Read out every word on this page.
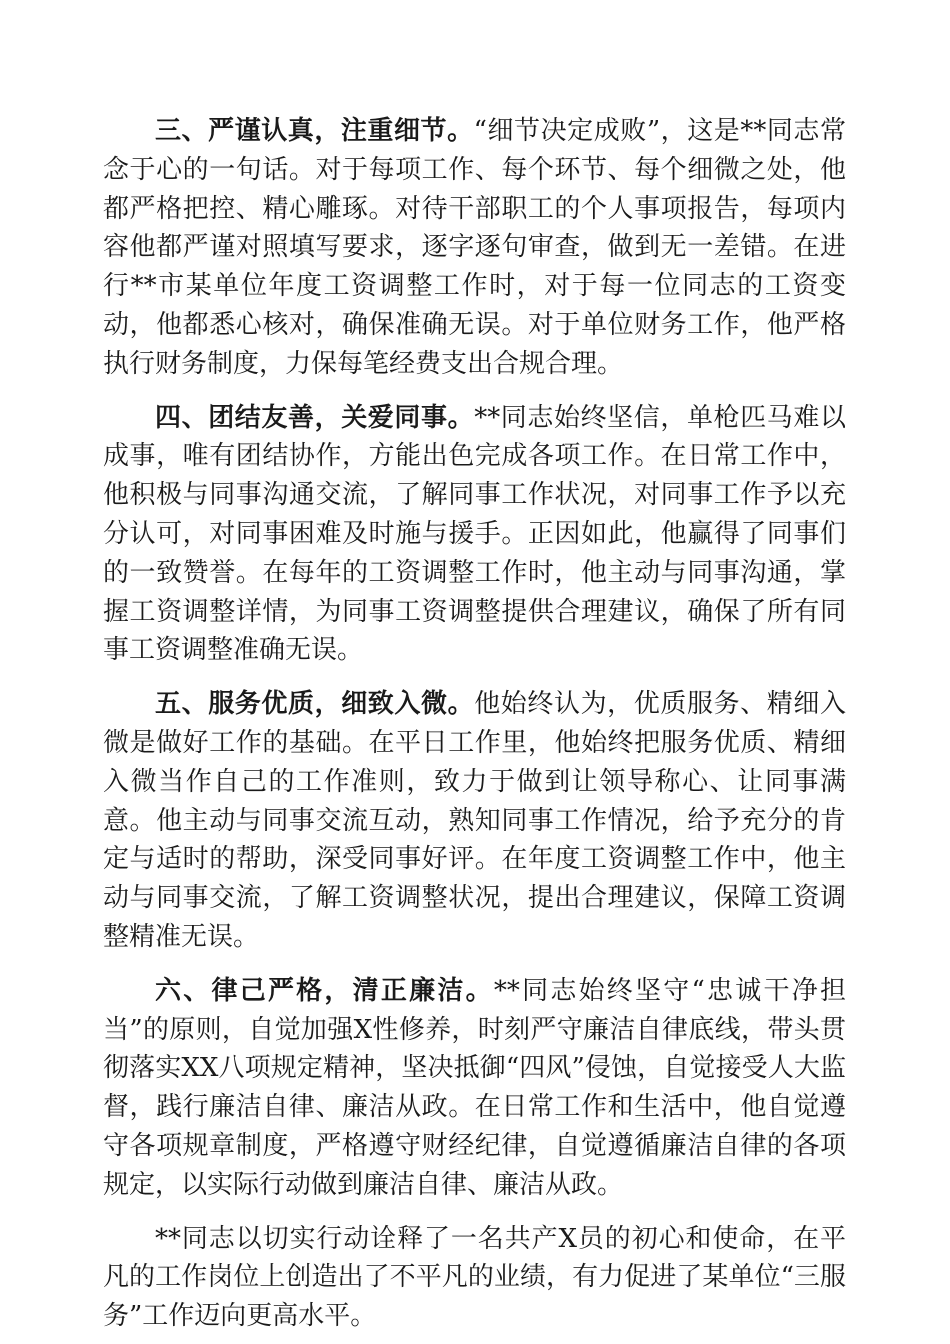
三、严谨认真，注重细节。“细节决定成败”，这是**同志常念于心的一句话。对于每项工作、每个环节、每个细微之处，他都严格把控、精心雕琢。对待干部职工的个人事项报告，每项内容他都严谨对照填写要求，逐字逐句审查，做到无一差错。在进行**市某单位年度工资调整工作时，对于每一位同志的工资变动，他都悉心核对，确保准确无误。对于单位财务工作，他严格执行财务制度，力保每笔经费支出合规合理。

四、团结友善，关爱同事。**同志始终坚信，单枪匹马难以成事，唯有团结协作，方能出色完成各项工作。在日常工作中，他积极与同事沟通交流，了解同事工作状况，对同事工作予以充分认可，对同事困难及时施与援手。正因如此，他赢得了同事们的一致赞誉。在每年的工资调整工作时，他主动与同事沟通，掌握工资调整详情，为同事工资调整提供合理建议，确保了所有同事工资调整准确无误。

五、服务优质，细致入微。他始终认为，优质服务、精细入微是做好工作的基础。在平日工作里，他始终把服务优质、精细入微当作自己的工作准则，致力于做到让领导称心、让同事满意。他主动与同事交流互动，熟知同事工作情况，给予充分的肯定与适时的帮助，深受同事好评。在年度工资调整工作中，他主动与同事交流，了解工资调整状况，提出合理建议，保障工资调整精准无误。

六、律己严格，清正廉洁。**同志始终坚守“忠诚干净担当”的原则，自觉加强X性修养，时刻严守廉洁自律底线，带头贯彻落实XX八项规定精神，坚决抵御“四风”侵蚀，自觉接受人大监督，践行廉洁自律、廉洁从政。在日常工作和生活中，他自觉遵守各项规章制度，严格遵守财经纪律，自觉遵循廉洁自律的各项规定，以实际行动做到廉洁自律、廉洁从政。

**同志以切实行动诠释了一名共产X员的初心和使命，在平凡的工作岗位上创造出了不平凡的业绩，有力促进了某单位“三服务”工作迈向更高水平。
